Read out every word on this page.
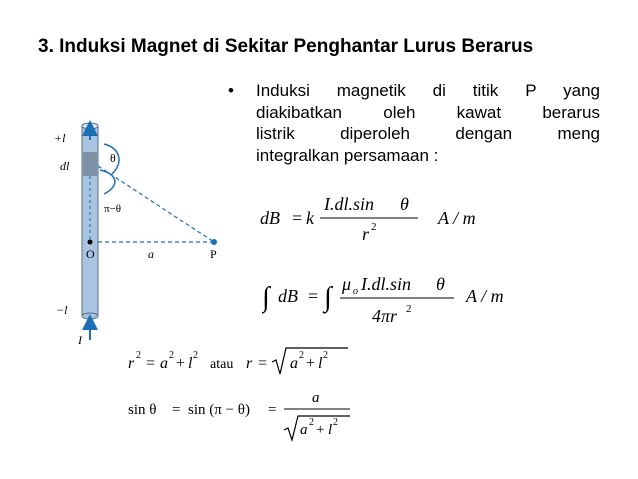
3. Induksi Magnet di Sekitar Penghantar Lurus Berarus
• Induksi magnetik di titik P yang
diakibatkan oleh kawat berarus
listrik diperoleh dengan meng
integralkan persamaan :
dB = k
I.dl.sin θ
r 2	A / m
∫ dB = ∫ μ o I.dl.sin θ
4πr 2
A / m
+l
dl
θ
π−θ
O	a	P
−l
I
r 2 = a 2 + l 2
atau r = a 2 + l 2
sin θ = sin (π − θ) =
a
a 2 + l 2
